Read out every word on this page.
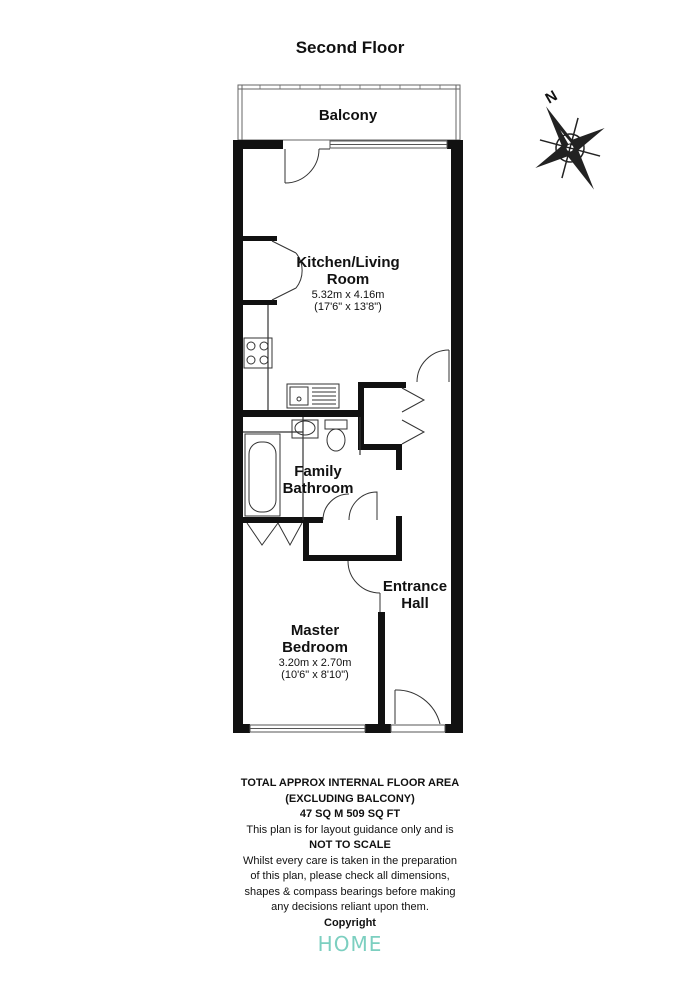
Second Floor
N
Balcony
Kitchen/Living
Room
5.32m x 4.16m
(17'6" x 13'8")
Family
Bathroom
Entrance
Hall
Master
Bedroom
3.20m x 2.70m
(10'6" x 8'10")
TOTAL APPROX INTERNAL FLOOR AREA
(EXCLUDING BALCONY)
47 SQ M 509 SQ FT
This plan is for layout guidance only and is
NOT TO SCALE
Whilst every care is taken in the preparation
of this plan, please check all dimensions,
shapes & compass bearings before making
any decisions reliant upon them.
Copyright
HOME
